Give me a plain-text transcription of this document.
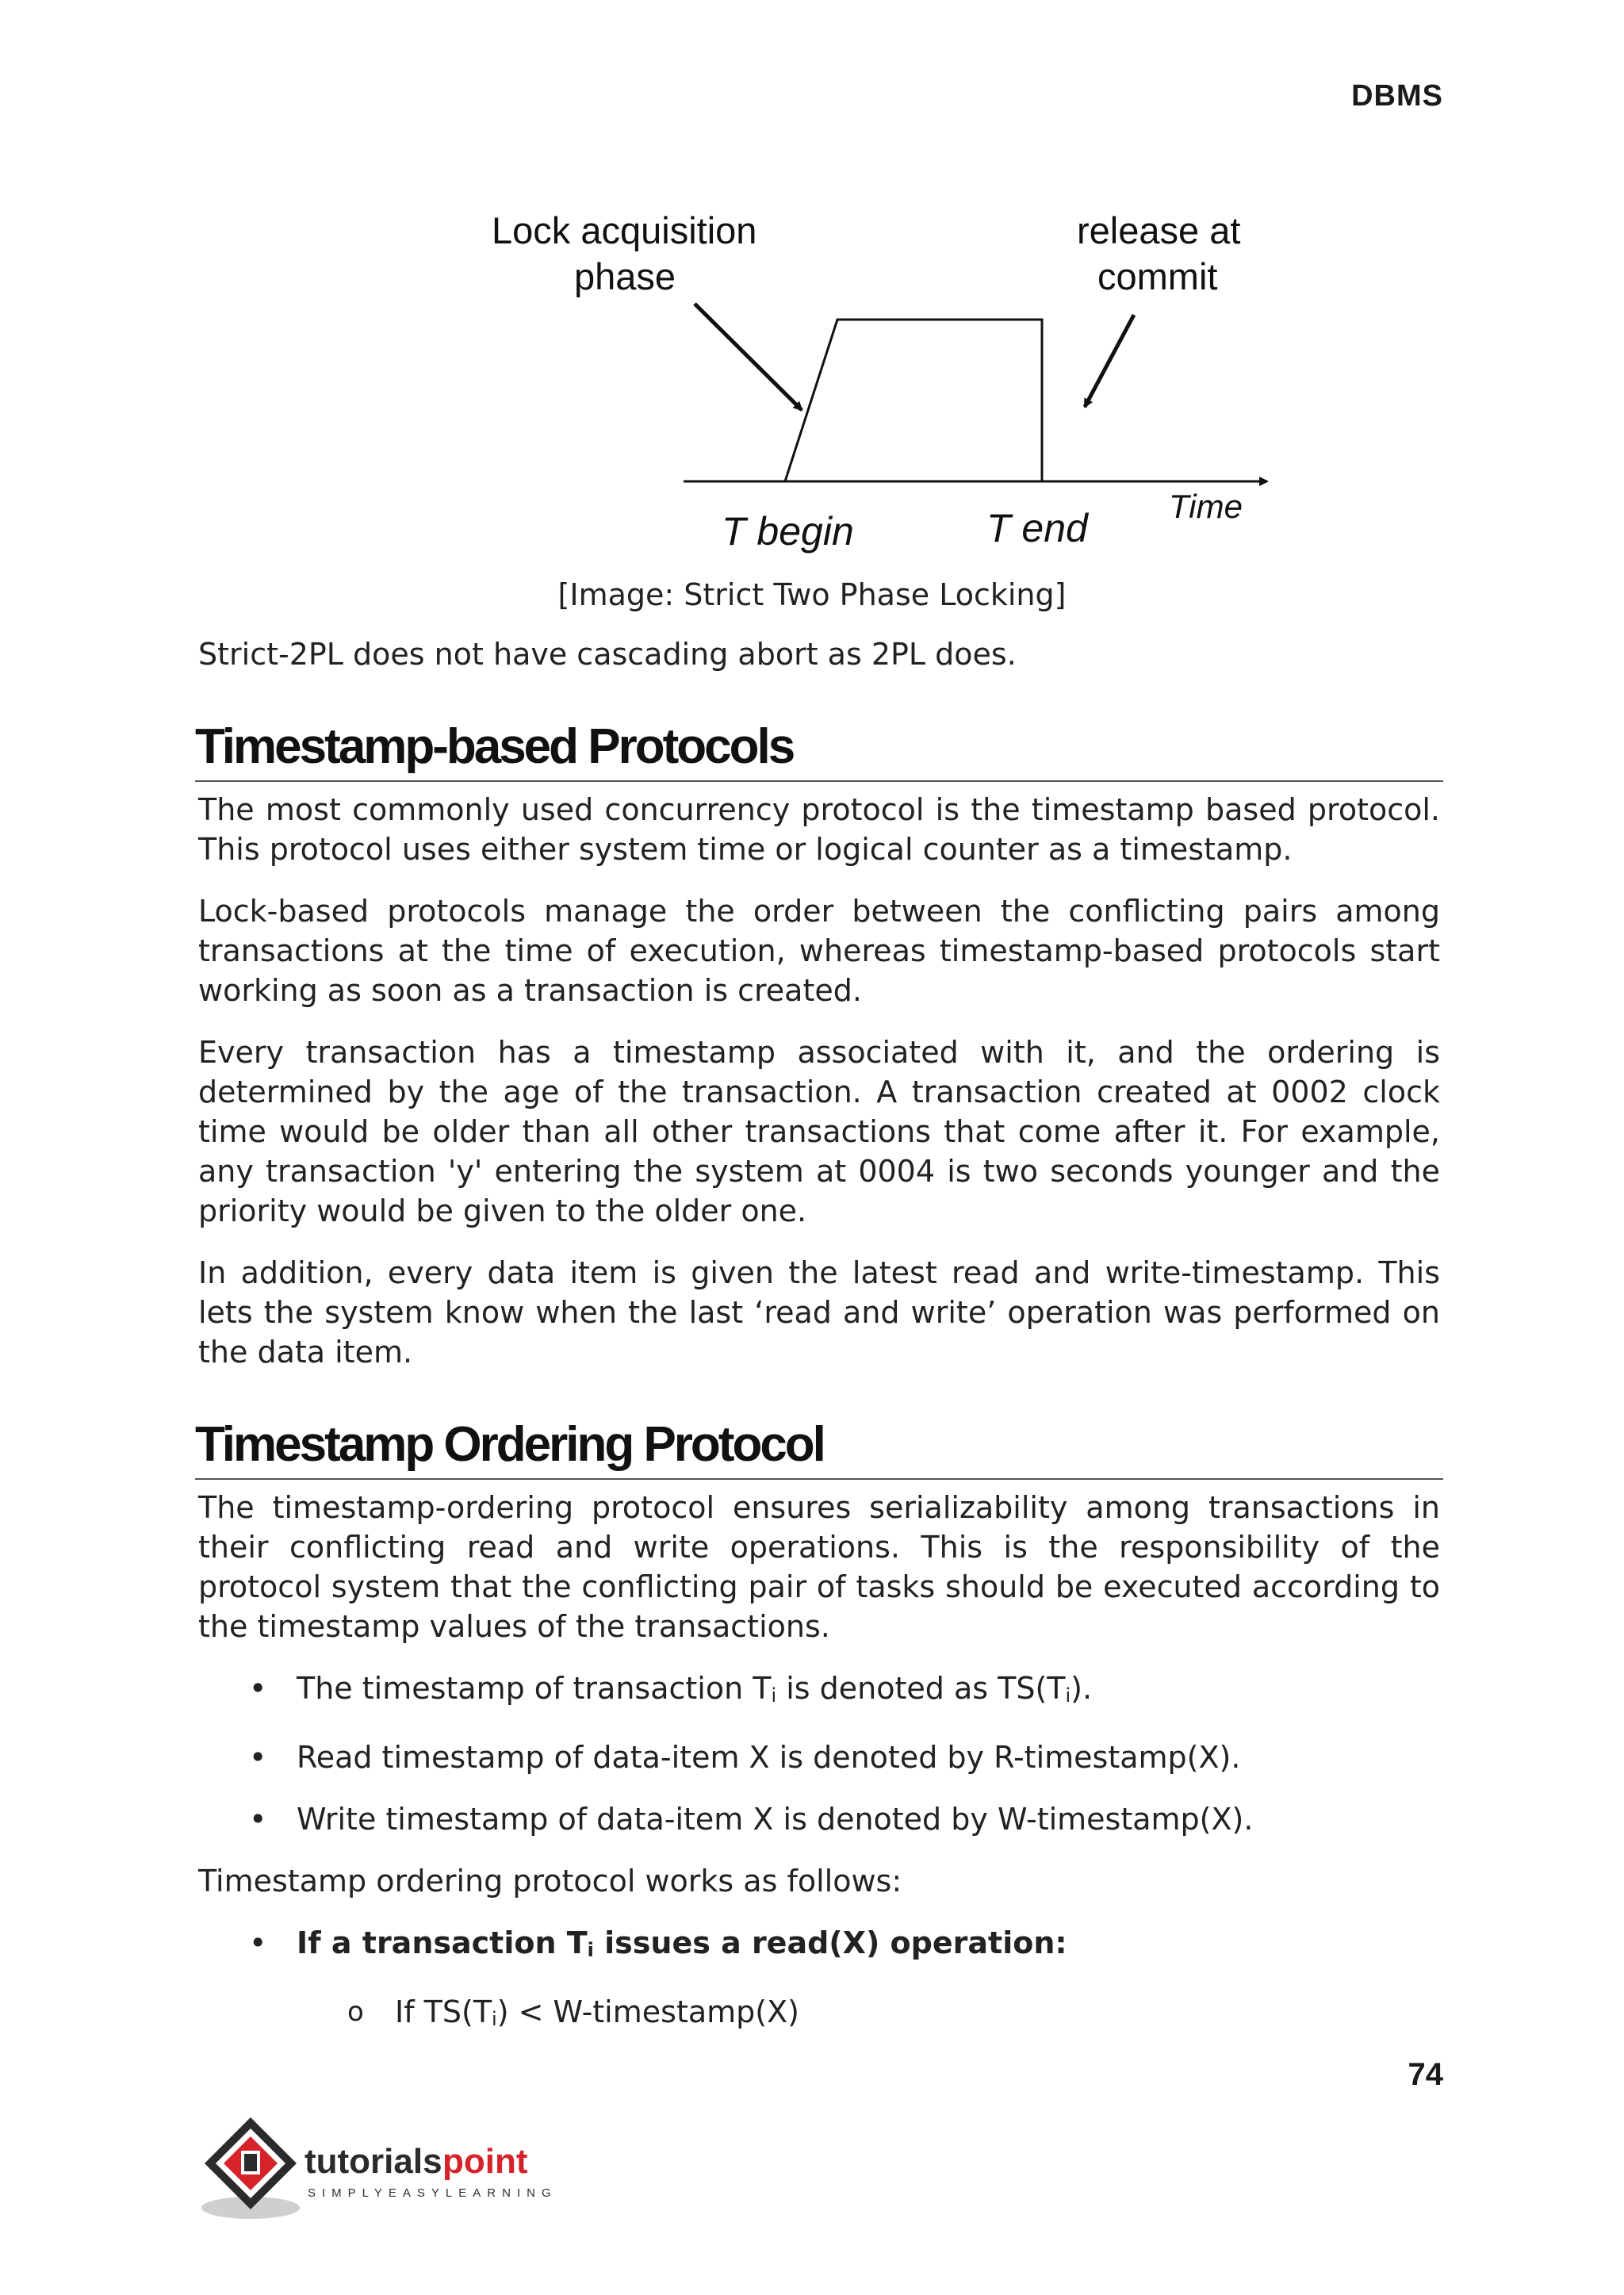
DBMS
Lock acquisition
phase
release at
commit
T begin	T end Time
[Image: Strict Two Phase Locking]

Strict-2PL does not have cascading abort as 2PL does.

Timestamp-based Protocols

The most commonly used concurrency protocol is the timestamp based protocol. This protocol uses either system time or logical counter as a timestamp.

Lock-based protocols manage the order between the conflicting pairs among transactions at the time of execution, whereas timestamp-based protocols start working as soon as a transaction is created.

Every transaction has a timestamp associated with it, and the ordering is determined by the age of the transaction. A transaction created at 0002 clock time would be older than all other transactions that come after it. For example, any transaction 'y' entering the system at 0004 is two seconds younger and the priority would be given to the older one.

In addition, every data item is given the latest read and write-timestamp. This lets the system know when the last ‘read and write’ operation was performed on the data item.

Timestamp Ordering Protocol

The timestamp-ordering protocol ensures serializability among transactions in their conflicting read and write operations. This is the responsibility of the protocol system that the conflicting pair of tasks should be executed according to the timestamp values of the transactions.

• The timestamp of transaction $T_i$ is denoted as $TS(T_i)$.
• Read timestamp of data-item X is denoted by R-timestamp(X).
• Write timestamp of data-item X is denoted by W-timestamp(X).

Timestamp ordering protocol works as follows:

• If a transaction $T_i$ issues a read(X) operation:
o If $TS(T_i)$ < W-timestamp(X)
74
tutorials point
SIMPLYEASYLEARNING
